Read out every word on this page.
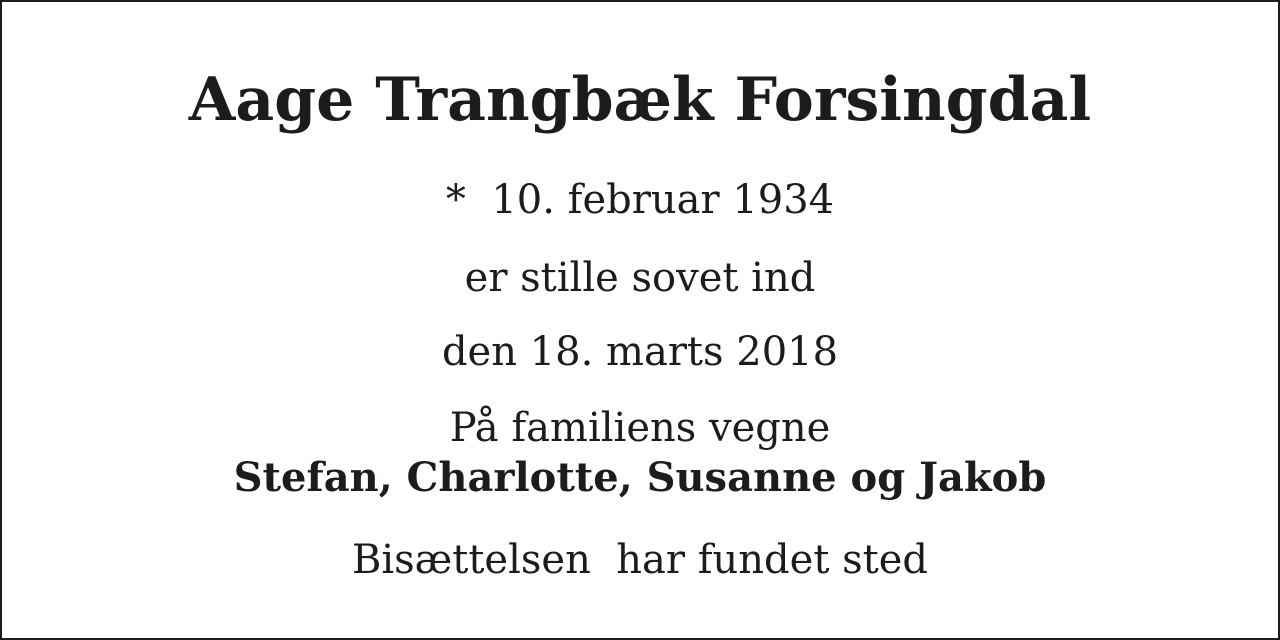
Aage Trangbæk Forsingdal
*  10. februar 1934
er stille sovet ind
den 18. marts 2018
På familiens vegne
Stefan, Charlotte, Susanne og Jakob
Bisættelsen  har fundet sted
